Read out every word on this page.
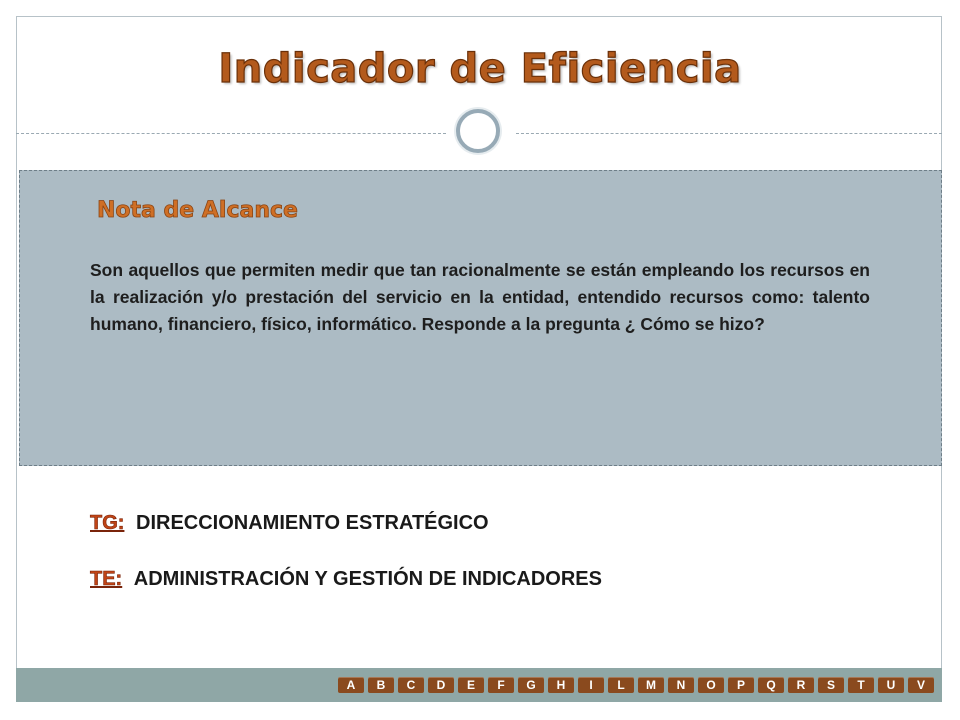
Indicador de Eficiencia
Nota de Alcance
Son aquellos que permiten medir que tan racionalmente se están empleando los recursos en la realización y/o prestación del servicio en la entidad, entendido recursos como: talento humano, financiero, físico, informático. Responde a la pregunta ¿ Cómo se hizo?
TG: DIRECCIONAMIENTO ESTRATÉGICO
TE: ADMINISTRACIÓN Y GESTIÓN DE INDICADORES
A	B	C	D	E	F	G	H	I	L	M	N	O	P	Q	R	S	T	U	V
